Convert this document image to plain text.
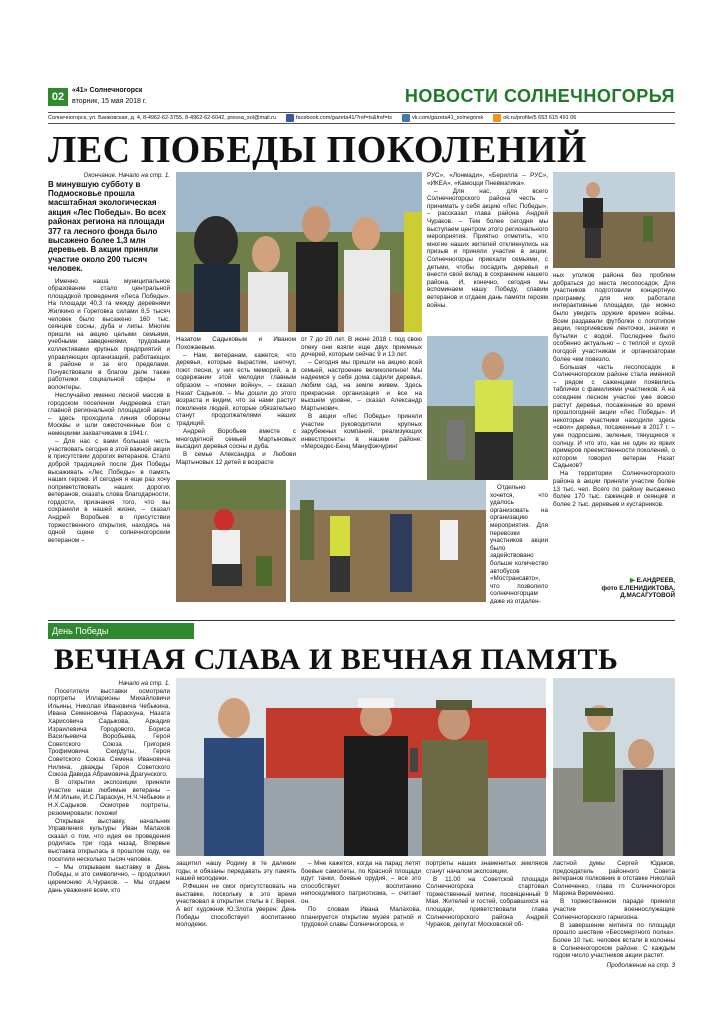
02
«41» Солнечногорск
вторник, 15 мая 2018 г.	НОВОСТИ СОЛНЕЧНОГОРЬЯ
Солнечногорск, ул. Банковская, д. 4, 8-4962-62-3755, 8-4962-62-6042, pressa_sol@mail.ru	facebook.com/gazeta41/?ref=ts&fref=ts	vk.com/gazeta41_solnegorsk	ok.ru/profile/5 653 615 491 06
ЛЕС ПОБЕДЫ ПОКОЛЕНИЙ
Окончание. Начало на стр. 1.
В минувшую субботу в Подмосковье прошла масштабная экологическая акция «Лес Победы». Во всех районах региона на площади 377 га лесного фонда было высажено более 1,3 млн деревьев. В акции приняли участие около 200 тысяч человек.

Именно наша муниципальное образование стало центральной площадкой проведения «Леса Победы». На площади 40,3 га между деревнями Жилкино и Горетовка силами 8,5 тысяч человек было высажено 160 тыс. сеянцев сосны, дуба и липы. Многие пришли на акцию целыми семьями, учебными заведениями, трудовыми коллективами крупных предприятий и управляющих организаций, работающих в районе и за его пределами. Почувствовали в благом деле также работники социальной сферы и волонтеры.

Неслучайно именно лесной массив в городском поселении Андреевка стал главной региональной площадкой акции – здесь проходила линия обороны Москвы и шли ожесточенные бои с немецкими захватчиками в 1941 г.

– Для нас с вами большая честь участвовать сегодня в этой важной акции в присутствии дорогих ветеранов. Стало доброй традицией после Дня Победы высаживать «Лес Победы» в память наших героев. И сегодня я еще раз хочу поприветствовать наших дорогих ветеранов, сказать слова благодарности, гордости, признания того, что вы сохранили в нашей жизни, – сказал Андрей Воробьев в присутствии торжественного открытия, находясь на одной сцене с солнечногорским ветераном –

Назатом Садыковым и Иваном Похожаевым.

– Нам, ветеранам, кажется, что деревья, которые вырастим, шепчут, поют песни, у них есть меморий, а в содержании этой мелодии главным образом – «помни войну», – сказал Назат Садыков. – Мы дошли до этого возраста и видим, что за нами растут поколения людей, которые обязательно станут продолжателями наших традиций.

Андрей Воробьев вместе с многодетной семьей Мартыновых высадил деревья сосны и дуба.

В семье Александра и Любови Мартыновых 12 детей в возрасте

от 7 до 20 лет. В июне 2018 г. под свою опеку они взяли еще двух приемных дочерей, которым сейчас 9 и 13 лет.

– Сегодня мы пришли на акцию всей семьей, настроение великолепное! Мы надеемся у себя дома садили деревья, любим сад, на земле живем. Здесь прекрасная организация и все на высшем уровне, – сказал Александр Мартынович.

В акции «Лес Победы» приняли участие руководители крупных зарубежных компаний, реализующих инвестпроекты в нашем районе: «Мерседес-Бенц Мануфэкчуринг

РУС», «Лонмади», «Берилла – РУС», «ИКЕА», «Камоцци Пневматика».

– Для нас, для всего Солнечногорского района честь – принимать у себя акцию «Лес Победы», – рассказал глава района Андрей Чураков. – Тем более сегодня мы выступаем центром этого регионального мероприятия. Приятно отметить, что многие наших жителей откликнулись на призыв и приняли участие в акции. Солнечногорцы приехали семьями, с детьми, чтобы посадить деревья и внести свой вклад в сохранение нашего района. И, конечно, сегодня мы вспоминаем нашу Победу, славим ветеранов и отдаем дань памяти героям войны.

Отдельно хочется, что удалось организовать на организацию мероприятия. Для перевозки участников акции было задействовано больше количество автобусов «Мострансавто», что позволило солнечногорцам даже из отдален-

ных уголков района без проблем добраться до места лесопосадок. Для участников подготовили концертную программу, для них работали интерактивные площадки, где можно было увидеть оружие времен войны. Всем раздавали футболки с логотипом акции, георгиевские ленточки, значки и бутылки с водой. Последнее было особенно актуально – с теплой и сухой погодой участникам и организаторам более чем повезло.

Большая часть лесопосадок в Солнечногорском районе стала именной – рядом с саженцами появились таблички с фамилиями участников. А на соседнем лесном участке уже вовсю растут деревья, посаженные во время прошлогодней акции «Лес Победы». И некоторые участники находили здесь «свои» деревья, посаженные в 2017 г. – уже подросшие, зеленые, тянущиеся к солнцу. И что это, как не один из ярких примеров преемственности поколений, о котором говорил ветеран Назат Садыков?

На территории Солнечногорского района в акции приняли участие более 13 тыс. чел. Всего по району высажено более 170 тыс. саженцев и сеянцев и более 2 тыс. деревьев и кустарников.

▶ Е.АНДРЕЕВ,
фото Е.ЛЕНИДИКТОВА,
Д.МАСАГУТОВОЙ
День Победы
ВЕЧНАЯ СЛАВА И ВЕЧНАЯ ПАМЯТЬ
Начало на стр. 1.

Посетители выставки осмотрели портреты Илларионы Михайловичи Ильины, Николая Ивановича Чебыкина, Ивана Семеновича Параскуна, Назата Харисовича Садыкова, Аркадия Израилевича Городового, Бориса Васильевича Воробьева, Героя Советского Союза Григория Трофимовича Скирдуты, Героя Советского Союза Семена Ивановича Нилина, дважды Героя Советского Союза Давида Абрамовича Драгунского.

В открытии экспозиции приняли участие наши любимые ветераны – И.М.Ильин, И.С.Параскун, Н.Ч.Чебыкин и Н.Х.Садыков. Осмотрев портреты, резюмировали: похожи!

Открывая выставку, начальник Управления культуры Иван Малахов сказал о том, что идея ее проведения родилась три года назад. Впервые выставка открылась в прошлом году, ее посетили несколько тысяч человек.

– Мы открываем выставку в День Победы, и это символично, – продолжил церемонию А.Чураков. – Мы отдаем дань уважения всем, кто

защитил нашу Родину в те далекие годы, и обязаны передавать эту память нашей молодежи.

Р.Фешен не смог присутствовать на выставке, поскольку в это время участвовал в открытии стелы в г. Верея. А вот художник Ю.Злота уверен: День Победы способствует воспитанию молодежи.

– Мне кажется, когда на парад летят боевые самолеты, по Красной площади идут танки, боевые орудия, – все это способствует воспитанию непоседливого патриотизма, – считает он.

По словам Ивана Малахова, планируется открытие музея ратной и трудовой славы Солнечногорска, и

портреты наших знаменитых земляков станут началом экспозиции.

В 11.00 на Советской площади Солнечногорска стартовал торжественный митинг, посвященный 9 Мая. Жителей и гостей, собравшихся на площади, приветствовали глава Солнечногорского района Андрей Чураков, депутат Московской об-

ластной думы Сергей Юдаков, председатель районного Совета ветеранов полковник в отставке Николай Солнеченко, глава гп Солнечногорск Марина Веремеенко.

В торжественном параде приняли участие военнослужащие Солнечногорского гарнизона.

В завершение митинга по площади прошло шествие «Бессмертного полка». Более 10 тыс. человек встали в колонны в Солнечногорском районе. С каждым годом число участников акции растет.

Продолжение на стр. 3
